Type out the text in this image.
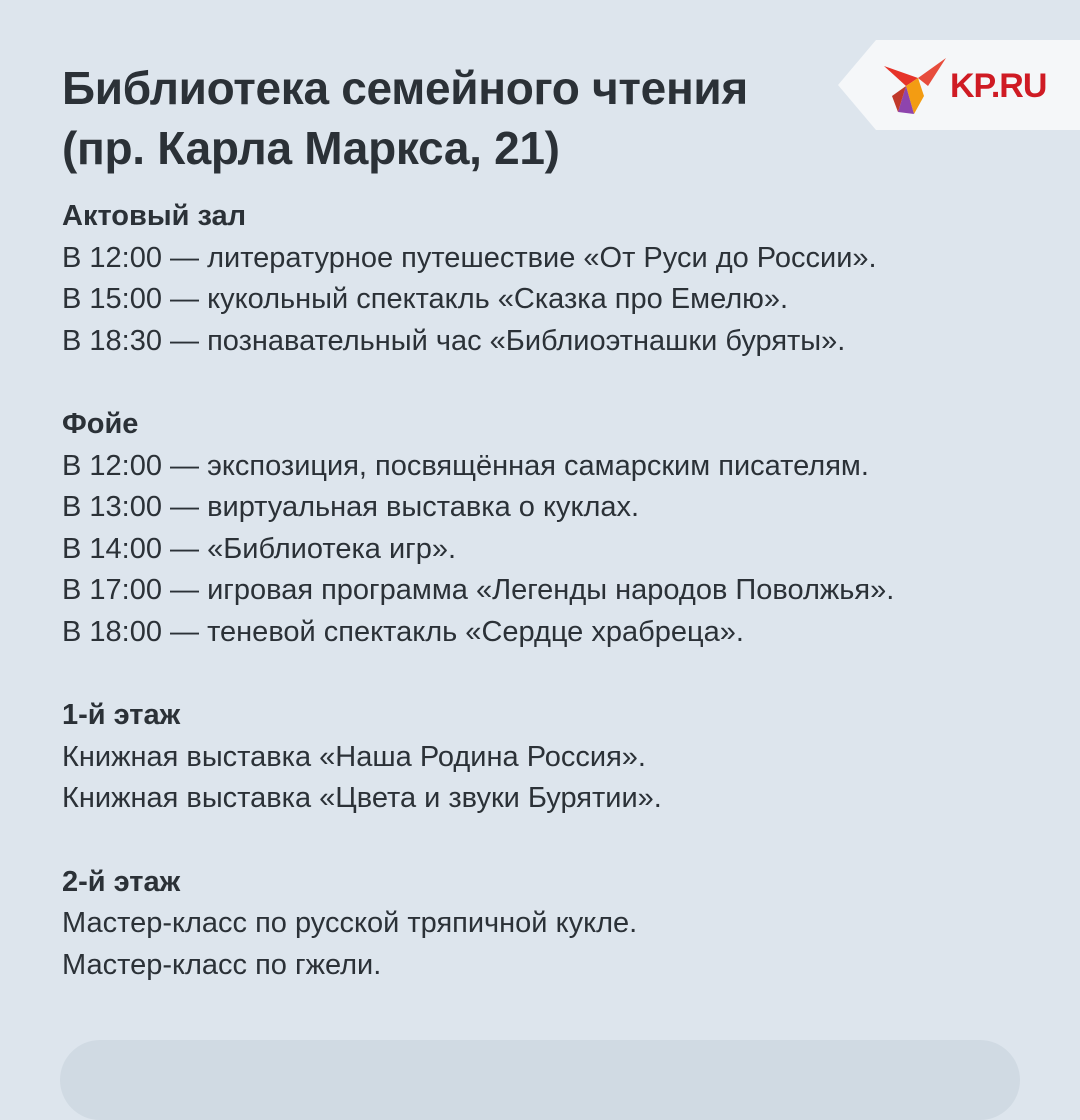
Библиотека семейного чтения
(пр. Карла Маркса, 21)
KP.RU
Актовый зал
В 12:00 — литературное путешествие «От Руси до России».
В 15:00 — кукольный спектакль «Сказка про Емелю».
В 18:30 — познавательный час «Библиоэтнашки буряты».
Фойе
В 12:00 — экспозиция, посвящённая самарским писателям.
В 13:00 — виртуальная выставка о куклах.
В 14:00 — «Библиотека игр».
В 17:00 — игровая программа «Легенды народов Поволжья».
В 18:00 — теневой спектакль «Сердце храбреца».
1-й этаж
Книжная выставка «Наша Родина Россия».
Книжная выставка «Цвета и звуки Бурятии».
2-й этаж
Мастер-класс по русской тряпичной кукле.
Мастер-класс по гжели.
